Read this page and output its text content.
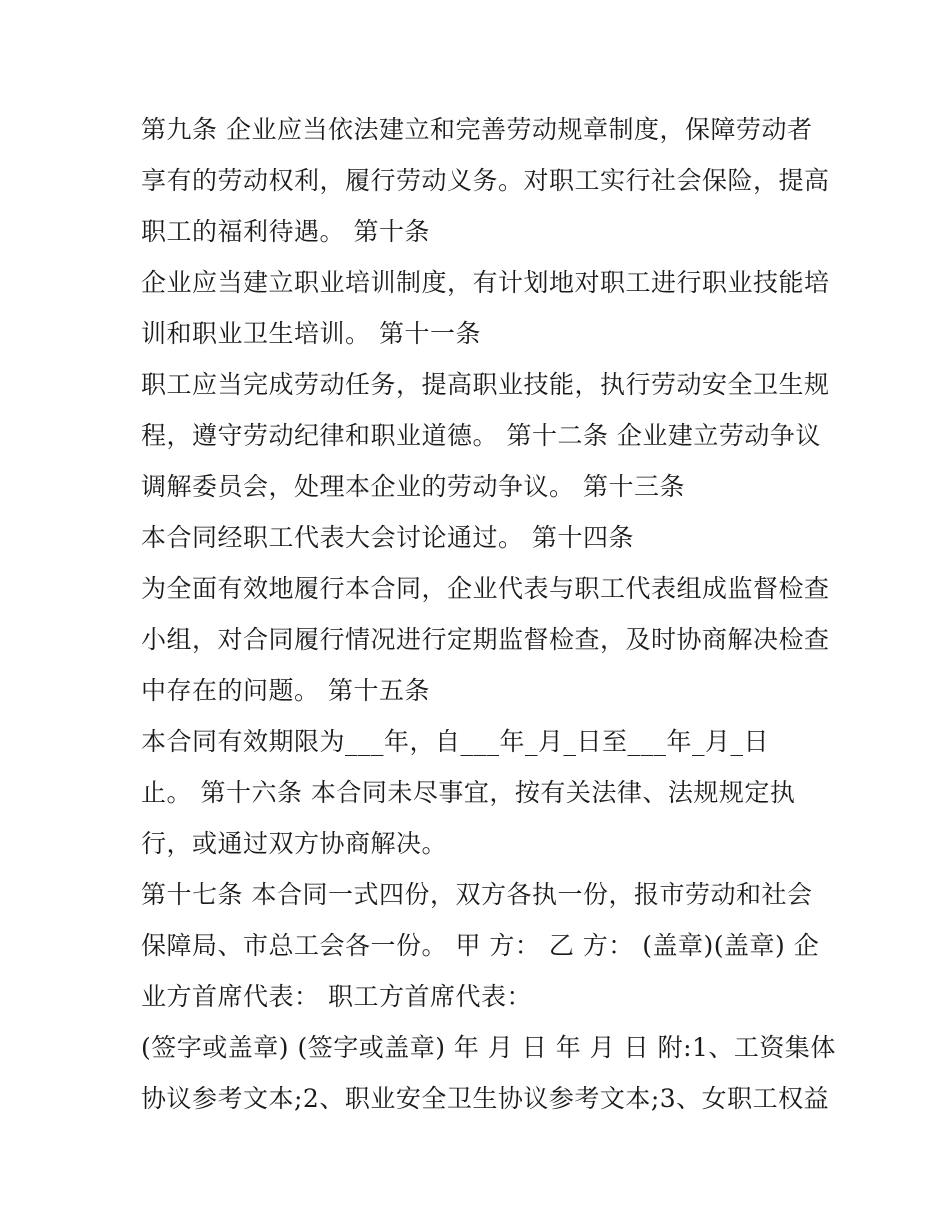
第九条 企业应当依法建立和完善劳动规章制度，保障劳动者
享有的劳动权利，履行劳动义务。对职工实行社会保险，提高
职工的福利待遇。 第十条
企业应当建立职业培训制度，有计划地对职工进行职业技能培
训和职业卫生培训。 第十一条
职工应当完成劳动任务，提高职业技能，执行劳动安全卫生规
程，遵守劳动纪律和职业道德。 第十二条 企业建立劳动争议
调解委员会，处理本企业的劳动争议。 第十三条
本合同经职工代表大会讨论通过。 第十四条
为全面有效地履行本合同，企业代表与职工代表组成监督检查
小组，对合同履行情况进行定期监督检查，及时协商解决检查
中存在的问题。 第十五条
本合同有效期限为___年，自___年_月_日至___年_月_日
止。 第十六条 本合同未尽事宜，按有关法律、法规规定执
行，或通过双方协商解决。
第十七条 本合同一式四份，双方各执一份，报市劳动和社会
保障局、市总工会各一份。 甲 方： 乙 方： (盖章)(盖章) 企
业方首席代表： 职工方首席代表：
(签字或盖章) (签字或盖章) 年 月 日 年 月 日 附:1、工资集体
协议参考文本;2、职业安全卫生协议参考文本;3、女职工权益
